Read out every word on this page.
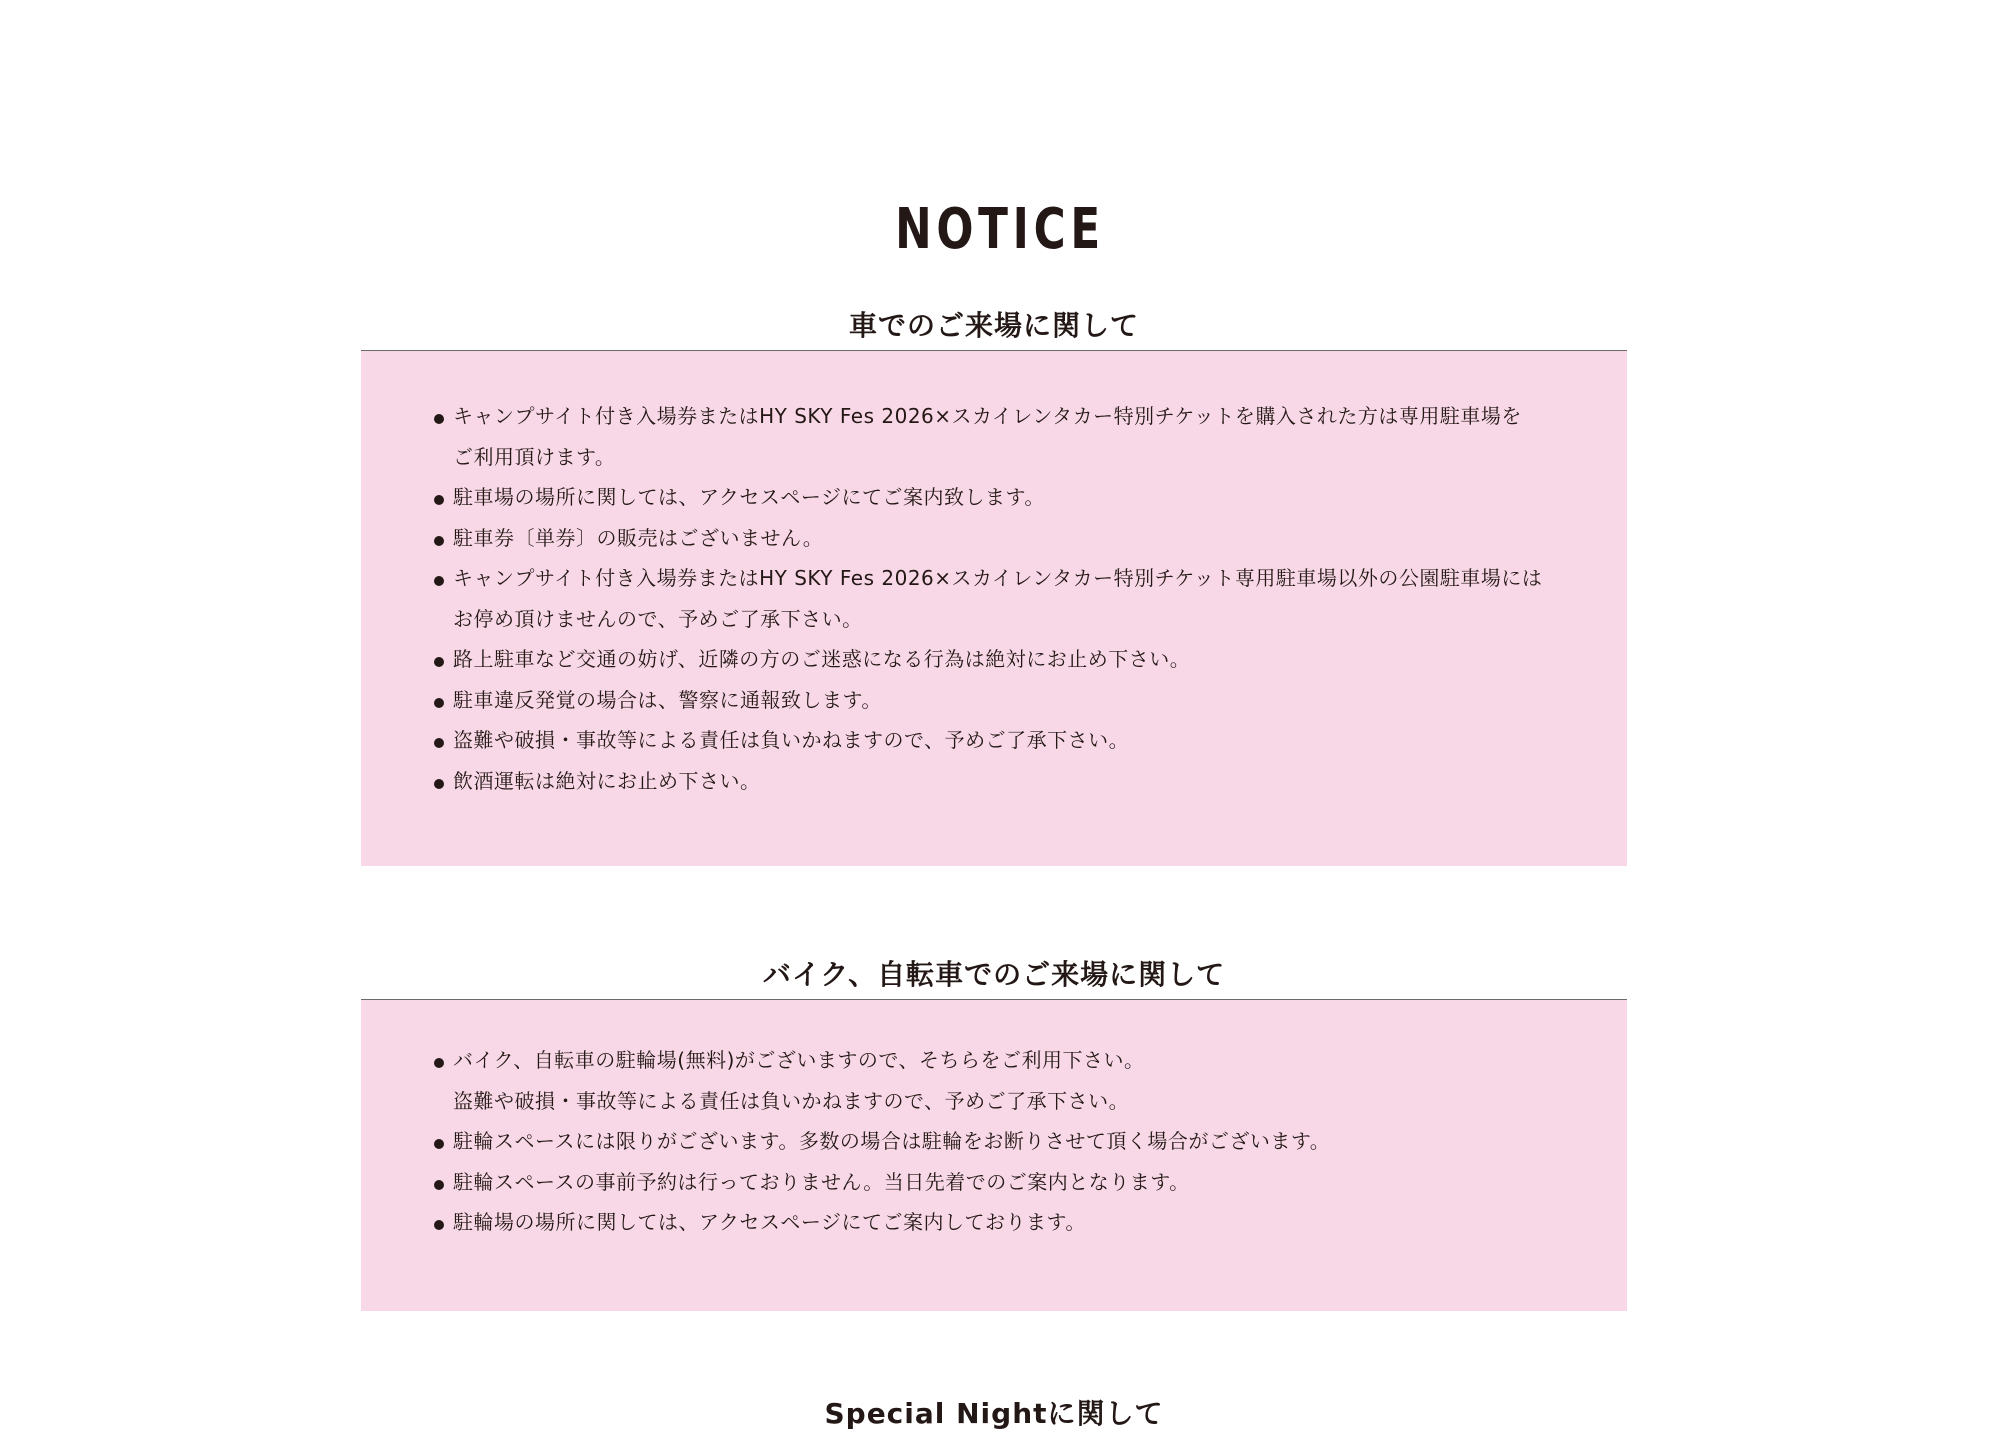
NOTICE
車でのご来場に関して
キャンプサイト付き入場券またはHY SKY Fes 2026×スカイレンタカー特別チケットを購入された方は専用駐車場を
ご利用頂けます。
駐車場の場所に関しては、アクセスページにてご案内致します。
駐車券〔単券〕の販売はございません。
キャンプサイト付き入場券またはHY SKY Fes 2026×スカイレンタカー特別チケット専用駐車場以外の公園駐車場には
お停め頂けませんので、予めご了承下さい。
路上駐車など交通の妨げ、近隣の方のご迷惑になる行為は絶対にお止め下さい。
駐車違反発覚の場合は、警察に通報致します。
盗難や破損・事故等による責任は負いかねますので、予めご了承下さい。
飲酒運転は絶対にお止め下さい。
バイク、自転車でのご来場に関して
バイク、自転車の駐輪場(無料)がございますので、そちらをご利用下さい。
盗難や破損・事故等による責任は負いかねますので、予めご了承下さい。
駐輪スペースには限りがございます。多数の場合は駐輪をお断りさせて頂く場合がございます。
駐輪スペースの事前予約は行っておりません。当日先着でのご案内となります。
駐輪場の場所に関しては、アクセスページにてご案内しております。
Special Nightに関して
